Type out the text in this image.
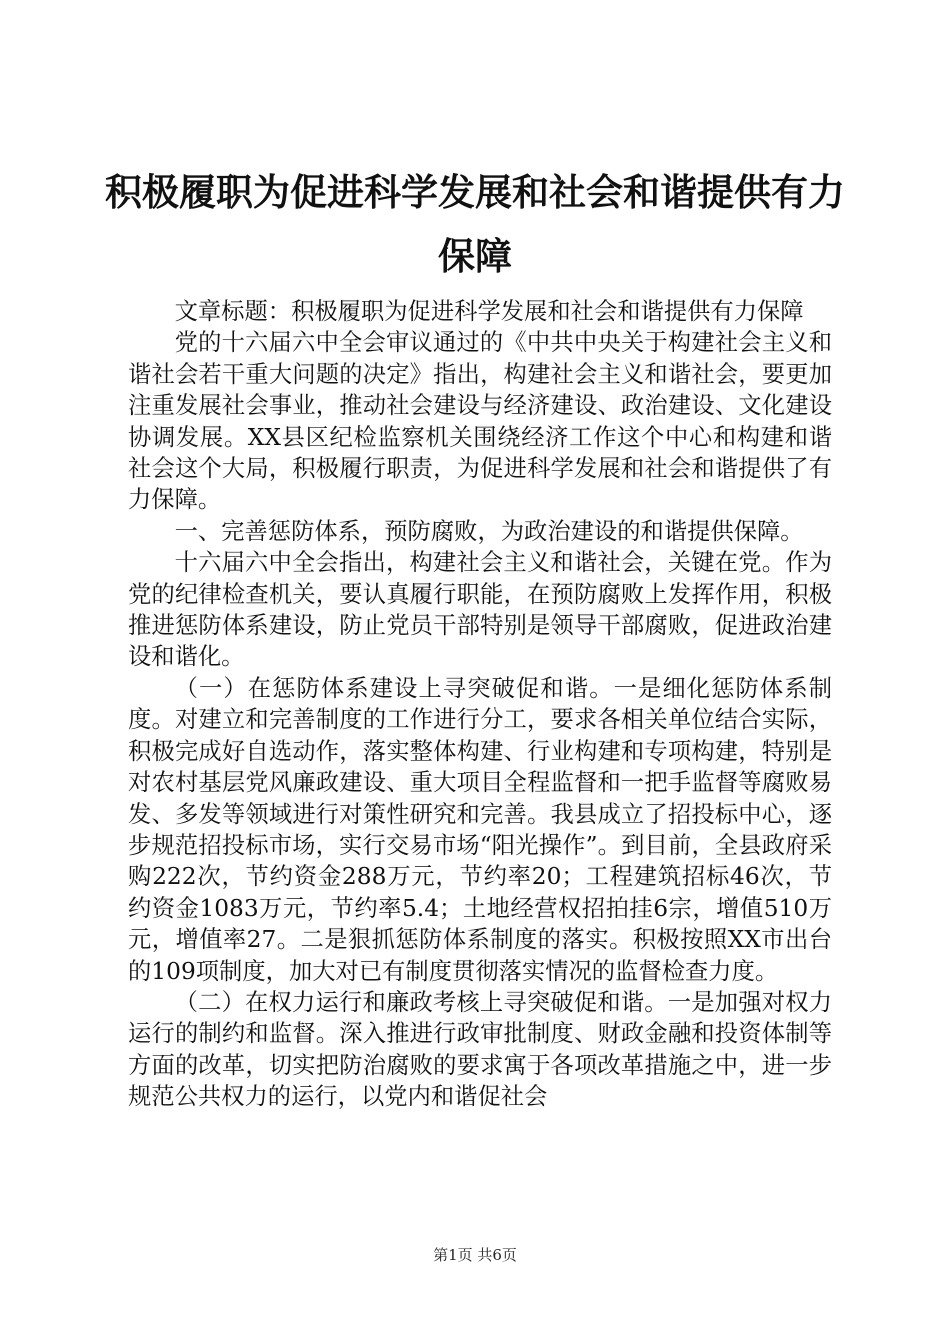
积极履职为促进科学发展和社会和谐提供有力保障

文章标题：积极履职为促进科学发展和社会和谐提供有力保障

党的十六届六中全会审议通过的《中共中央关于构建社会主义和谐社会若干重大问题的决定》指出，构建社会主义和谐社会，要更加注重发展社会事业，推动社会建设与经济建设、政治建设、文化建设协调发展。XX县区纪检监察机关围绕经济工作这个中心和构建和谐社会这个大局，积极履行职责，为促进科学发展和社会和谐提供了有力保障。

一、完善惩防体系，预防腐败，为政治建设的和谐提供保障。

十六届六中全会指出，构建社会主义和谐社会，关键在党。作为党的纪律检查机关，要认真履行职能，在预防腐败上发挥作用，积极推进惩防体系建设，防止党员干部特别是领导干部腐败，促进政治建设和谐化。

（一）在惩防体系建设上寻突破促和谐。一是细化惩防体系制度。对建立和完善制度的工作进行分工，要求各相关单位结合实际，积极完成好自选动作，落实整体构建、行业构建和专项构建，特别是对农村基层党风廉政建设、重大项目全程监督和一把手监督等腐败易发、多发等领域进行对策性研究和完善。我县成立了招投标中心，逐步规范招投标市场，实行交易市场“阳光操作”。到目前，全县政府采购222次，节约资金288万元，节约率20；工程建筑招标46次，节约资金1083万元，节约率5.4；土地经营权招拍挂6宗，增值510万元，增值率27。二是狠抓惩防体系制度的落实。积极按照XX市出台的109项制度，加大对已有制度贯彻落实情况的监督检查力度。

（二）在权力运行和廉政考核上寻突破促和谐。一是加强对权力运行的制约和监督。深入推进行政审批制度、财政金融和投资体制等方面的改革，切实把防治腐败的要求寓于各项改革措施之中，进一步规范公共权力的运行，以党内和谐促社会

第1页 共6页
